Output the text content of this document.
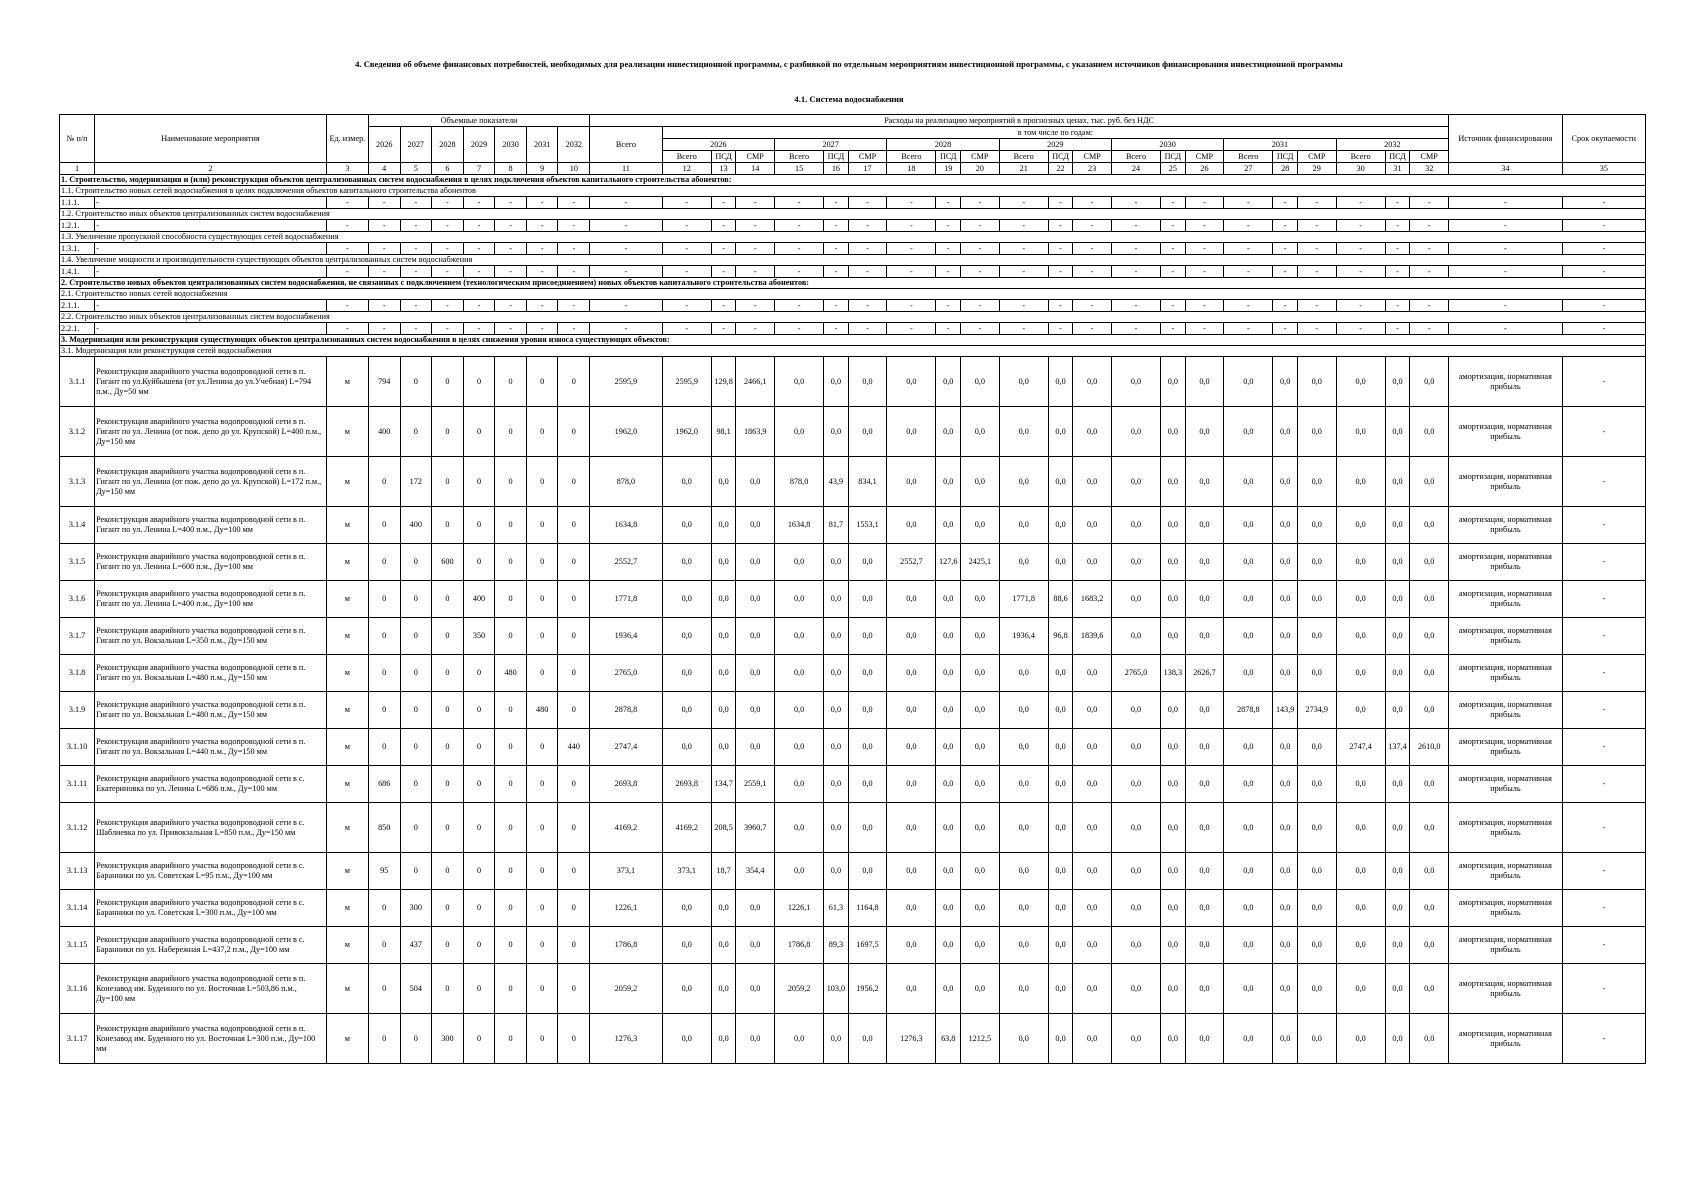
4. Сведения об объеме финансовых потребностей, необходимых для реализации инвестиционной программы, с разбивкой по отдельным мероприятиям инвестиционной программы, с указанием источников финансирования инвестиционной программы
4.1. Система водоснабжения
№ п/п	Наименование мероприятия	Ед. измер.	Объемные показатели							Расходы на реализацию мероприятий в прогнозных ценах, тыс. руб. без НДС																						Источник финансирования	Срок окупаемости
			2026	2027	2028	2029	2030	2031	2032	Всего	в том числе по годам:																						
											2026			2027			2028			2029			2030			2031			2032				
											Всего	ПСД	СМР	Всего	ПСД	СМР	Всего	ПСД	СМР	Всего	ПСД	СМР	Всего	ПСД	СМР	Всего	ПСД	СМР	Всего	ПСД	СМР		
1	2	3	4	5	6	7	8	9	10	11	12	13	14	15	16	17	18	19	20	21	22	23	24	25	26	27	28	29	30	31	32	34	35
1. Строительство, модернизация и (или) реконструкция объектов централизованных систем водоснабжения в целях подключения объектов капитального строительства абонентов:																																	
1.1. Строительство новых сетей водоснабжения в целях подключения объектов капитального строительства абонентов																																	
1.1.1.	-	-	-	-	-	-	-	-	-	-	-	-	-	-	-	-	-	-	-	-	-	-	-	-	-	-	-	-	-	-	-	-	-
1.2. Строительство иных объектов централизованных систем водоснабжения																																	
1.2.1.	-	-	-	-	-	-	-	-	-	-	-	-	-	-	-	-	-	-	-	-	-	-	-	-	-	-	-	-	-	-	-	-	-
1.3. Увеличение пропускной способности существующих сетей водоснабжения																																	
1.3.1.	-	-	-	-	-	-	-	-	-	-	-	-	-	-	-	-	-	-	-	-	-	-	-	-	-	-	-	-	-	-	-	-	-
1.4. Увеличение мощности и производительности существующих объектов централизованных систем водоснабжения																																	
1.4.1.	-	-	-	-	-	-	-	-	-	-	-	-	-	-	-	-	-	-	-	-	-	-	-	-	-	-	-	-	-	-	-	-	-
2. Строительство новых объектов централизованных систем водоснабжения, не связанных с подключением (технологическим присоединением) новых объектов капитального строительства абонентов:																																	
2.1. Строительство новых сетей водоснабжения																																	
2.1.1.	-	-	-	-	-	-	-	-	-	-	-	-	-	-	-	-	-	-	-	-	-	-	-	-	-	-	-	-	-	-	-	-	-
2.2. Строительство иных объектов централизованных систем водоснабжения																																	
2.2.1.	-	-	-	-	-	-	-	-	-	-	-	-	-	-	-	-	-	-	-	-	-	-	-	-	-	-	-	-	-	-	-	-	-
3. Модернизация или реконструкция существующих объектов централизованных систем водоснабжения в целях снижения уровня износа существующих объектов:																																	
3.1. Модернизация или реконструкция сетей водоснабжения																																	
3.1.1	Реконструкция аварийного участка водопроводной сети в п. Гигант по ул.Куйбышева (от ул.Ленина до ул.Учебная) L=794 п.м., Ду=50 мм	м	794	0	0	0	0	0	0	2595,9	2595,9	129,8	2466,1	0,0	0,0	0,0	0,0	0,0	0,0	0,0	0,0	0,0	0,0	0,0	0,0	0,0	0,0	0,0	0,0	0,0	0,0	амортизация, нормативная прибыль	-
3.1.2	Реконструкция аварийного участка водопроводной сети в п. Гигант по ул. Ленина (от пож. депо до ул. Крупской) L=400 п.м., Ду=150 мм	м	400	0	0	0	0	0	0	1962,0	1962,0	98,1	1863,9	0,0	0,0	0,0	0,0	0,0	0,0	0,0	0,0	0,0	0,0	0,0	0,0	0,0	0,0	0,0	0,0	0,0	0,0	амортизация, нормативная прибыль	-
3.1.3	Реконструкция аварийного участка водопроводной сети в п. Гигант по ул. Ленина (от пож. депо до ул. Крупской) L=172 п.м., Ду=150 мм	м	0	172	0	0	0	0	0	878,0	0,0	0,0	0,0	878,0	43,9	834,1	0,0	0,0	0,0	0,0	0,0	0,0	0,0	0,0	0,0	0,0	0,0	0,0	0,0	0,0	0,0	амортизация, нормативная прибыль	-
3.1.4	Реконструкция аварийного участка водопроводной сети в п. Гигант по ул. Ленина L=400 п.м., Ду=100 мм	м	0	400	0	0	0	0	0	1634,8	0,0	0,0	0,0	1634,8	81,7	1553,1	0,0	0,0	0,0	0,0	0,0	0,0	0,0	0,0	0,0	0,0	0,0	0,0	0,0	0,0	0,0	амортизация, нормативная прибыль	-
3.1.5	Реконструкция аварийного участка водопроводной сети в п. Гигант по ул. Ленина L=600 п.м., Ду=100 мм	м	0	0	600	0	0	0	0	2552,7	0,0	0,0	0,0	0,0	0,0	0,0	2552,7	127,6	2425,1	0,0	0,0	0,0	0,0	0,0	0,0	0,0	0,0	0,0	0,0	0,0	0,0	амортизация, нормативная прибыль	-
3.1.6	Реконструкция аварийного участка водопроводной сети в п. Гигант по ул. Ленина L=400 п.м., Ду=100 мм	м	0	0	0	400	0	0	0	1771,8	0,0	0,0	0,0	0,0	0,0	0,0	0,0	0,0	0,0	1771,8	88,6	1683,2	0,0	0,0	0,0	0,0	0,0	0,0	0,0	0,0	0,0	амортизация, нормативная прибыль	-
3.1.7	Реконструкция аварийного участка водопроводной сети в п. Гигант по ул. Вокзальная L=350 п.м., Ду=150 мм	м	0	0	0	350	0	0	0	1936,4	0,0	0,0	0,0	0,0	0,0	0,0	0,0	0,0	0,0	1936,4	96,8	1839,6	0,0	0,0	0,0	0,0	0,0	0,0	0,0	0,0	0,0	амортизация, нормативная прибыль	-
3.1.8	Реконструкция аварийного участка водопроводной сети в п. Гигант по ул. Вокзальная L=480 п.м., Ду=150 мм	м	0	0	0	0	480	0	0	2765,0	0,0	0,0	0,0	0,0	0,0	0,0	0,0	0,0	0,0	0,0	0,0	0,0	2765,0	138,3	2626,7	0,0	0,0	0,0	0,0	0,0	0,0	амортизация, нормативная прибыль	-
3.1.9	Реконструкция аварийного участка водопроводной сети в п. Гигант по ул. Вокзальная L=480 п.м., Ду=150 мм	м	0	0	0	0	0	480	0	2878,8	0,0	0,0	0,0	0,0	0,0	0,0	0,0	0,0	0,0	0,0	0,0	0,0	0,0	0,0	0,0	2878,8	143,9	2734,9	0,0	0,0	0,0	амортизация, нормативная прибыль	-
3.1.10	Реконструкция аварийного участка водопроводной сети в п. Гигант по ул. Вокзальная L=440 п.м., Ду=150 мм	м	0	0	0	0	0	0	440	2747,4	0,0	0,0	0,0	0,0	0,0	0,0	0,0	0,0	0,0	0,0	0,0	0,0	0,0	0,0	0,0	0,0	0,0	0,0	2747,4	137,4	2610,0	амортизация, нормативная прибыль	-
3.1.11	Реконструкция аварийного участка водопроводной сети в с. Екатериновка по ул. Ленина L=686 п.м., Ду=100 мм	м	686	0	0	0	0	0	0	2693,8	2693,8	134,7	2559,1	0,0	0,0	0,0	0,0	0,0	0,0	0,0	0,0	0,0	0,0	0,0	0,0	0,0	0,0	0,0	0,0	0,0	0,0	амортизация, нормативная прибыль	-
3.1.12	Реконструкция аварийного участка водопроводной сети в с. Шаблиевка по ул. Привокзальная L=850 п.м., Ду=150 мм	м	850	0	0	0	0	0	0	4169,2	4169,2	208,5	3960,7	0,0	0,0	0,0	0,0	0,0	0,0	0,0	0,0	0,0	0,0	0,0	0,0	0,0	0,0	0,0	0,0	0,0	0,0	амортизация, нормативная прибыль	-
3.1.13	Реконструкция аварийного участка водопроводной сети в с. Баранники по ул. Советская L=95 п.м., Ду=100 мм	м	95	0	0	0	0	0	0	373,1	373,1	18,7	354,4	0,0	0,0	0,0	0,0	0,0	0,0	0,0	0,0	0,0	0,0	0,0	0,0	0,0	0,0	0,0	0,0	0,0	0,0	амортизация, нормативная прибыль	-
3.1.14	Реконструкция аварийного участка водопроводной сети в с. Баранники по ул. Советская L=300 п.м., Ду=100 мм	м	0	300	0	0	0	0	0	1226,1	0,0	0,0	0,0	1226,1	61,3	1164,8	0,0	0,0	0,0	0,0	0,0	0,0	0,0	0,0	0,0	0,0	0,0	0,0	0,0	0,0	0,0	амортизация, нормативная прибыль	-
3.1.15	Реконструкция аварийного участка водопроводной сети в с. Баранники по ул. Набережная L=437,2 п.м., Ду=100 мм	м	0	437	0	0	0	0	0	1786,8	0,0	0,0	0,0	1786,8	89,3	1697,5	0,0	0,0	0,0	0,0	0,0	0,0	0,0	0,0	0,0	0,0	0,0	0,0	0,0	0,0	0,0	амортизация, нормативная прибыль	-
3.1.16	Реконструкция аварийного участка водопроводной сети в п. Конезавод им. Буденного по ул. Восточная L=503,86 п.м., Ду=100 мм	м	0	504	0	0	0	0	0	2059,2	0,0	0,0	0,0	2059,2	103,0	1956,2	0,0	0,0	0,0	0,0	0,0	0,0	0,0	0,0	0,0	0,0	0,0	0,0	0,0	0,0	0,0	амортизация, нормативная прибыль	-
3.1.17	Реконструкция аварийного участка водопроводной сети в п. Конезавод им. Буденного по ул. Восточная L=300 п.м., Ду=100 мм	м	0	0	300	0	0	0	0	1276,3	0,0	0,0	0,0	0,0	0,0	0,0	1276,3	63,8	1212,5	0,0	0,0	0,0	0,0	0,0	0,0	0,0	0,0	0,0	0,0	0,0	0,0	амортизация, нормативная прибыль	-
